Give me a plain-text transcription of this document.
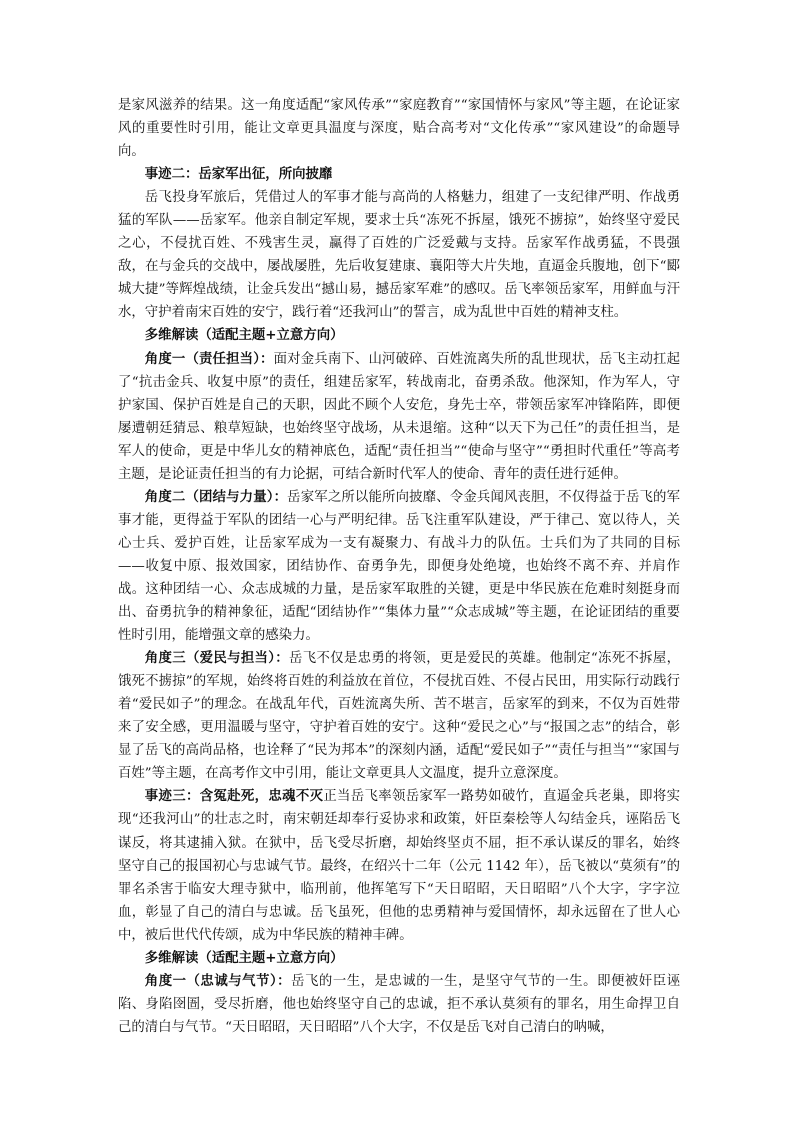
是家风滋养的结果。这一角度适配“家风传承”“家庭教育”“家国情怀与家风”等主题，在论证家风的重要性时引用，能让文章更具温度与深度，贴合高考对“文化传承”“家风建设”的命题导向。

事迹二：岳家军出征，所向披靡

岳飞投身军旅后，凭借过人的军事才能与高尚的人格魅力，组建了一支纪律严明、作战勇猛的军队——岳家军。他亲自制定军规，要求士兵“冻死不拆屋，饿死不掳掠”，始终坚守爱民之心，不侵扰百姓、不残害生灵，赢得了百姓的广泛爱戴与支持。岳家军作战勇猛，不畏强敌，在与金兵的交战中，屡战屡胜，先后收复建康、襄阳等大片失地，直逼金兵腹地，创下“郾城大捷”等辉煌战绩，让金兵发出“撼山易，撼岳家军难”的感叹。岳飞率领岳家军，用鲜血与汗水，守护着南宋百姓的安宁，践行着“还我河山”的誓言，成为乱世中百姓的精神支柱。

多维解读（适配主题+立意方向）

角度一（责任担当）：面对金兵南下、山河破碎、百姓流离失所的乱世现状，岳飞主动扛起了“抗击金兵、收复中原”的责任，组建岳家军，转战南北，奋勇杀敌。他深知，作为军人，守护家国、保护百姓是自己的天职，因此不顾个人安危，身先士卒，带领岳家军冲锋陷阵，即便屡遭朝廷猜忌、粮草短缺，也始终坚守战场，从未退缩。这种“以天下为己任”的责任担当，是军人的使命，更是中华儿女的精神底色，适配“责任担当”“使命与坚守”“勇担时代重任”等高考主题，是论证责任担当的有力论据，可结合新时代军人的使命、青年的责任进行延伸。

角度二（团结与力量）：岳家军之所以能所向披靡、令金兵闻风丧胆，不仅得益于岳飞的军事才能，更得益于军队的团结一心与严明纪律。岳飞注重军队建设，严于律己、宽以待人，关心士兵、爱护百姓，让岳家军成为一支有凝聚力、有战斗力的队伍。士兵们为了共同的目标——收复中原、报效国家，团结协作、奋勇争先，即便身处绝境，也始终不离不弃、并肩作战。这种团结一心、众志成城的力量，是岳家军取胜的关键，更是中华民族在危难时刻挺身而出、奋勇抗争的精神象征，适配“团结协作”“集体力量”“众志成城”等主题，在论证团结的重要性时引用，能增强文章的感染力。

角度三（爱民与担当）：岳飞不仅是忠勇的将领，更是爱民的英雄。他制定“冻死不拆屋，饿死不掳掠”的军规，始终将百姓的利益放在首位，不侵扰百姓、不侵占民田，用实际行动践行着“爱民如子”的理念。在战乱年代，百姓流离失所、苦不堪言，岳家军的到来，不仅为百姓带来了安全感，更用温暖与坚守，守护着百姓的安宁。这种“爱民之心”与“报国之志”的结合，彰显了岳飞的高尚品格，也诠释了“民为邦本”的深刻内涵，适配“爱民如子”“责任与担当”“家国与百姓”等主题，在高考作文中引用，能让文章更具人文温度，提升立意深度。

事迹三：含冤赴死，忠魂不灭正当岳飞率领岳家军一路势如破竹，直逼金兵老巢，即将实现“还我河山”的壮志之时，南宋朝廷却奉行妥协求和政策，奸臣秦桧等人勾结金兵，诬陷岳飞谋反，将其逮捕入狱。在狱中，岳飞受尽折磨，却始终坚贞不屈，拒不承认谋反的罪名，始终坚守自己的报国初心与忠诚气节。最终，在绍兴十二年（公元 1142 年），岳飞被以“莫须有”的罪名杀害于临安大理寺狱中，临刑前，他挥笔写下“天日昭昭，天日昭昭”八个大字，字字泣血，彰显了自己的清白与忠诚。岳飞虽死，但他的忠勇精神与爱国情怀，却永远留在了世人心中，被后世代代传颂，成为中华民族的精神丰碑。

多维解读（适配主题+立意方向）

角度一（忠诚与气节）：岳飞的一生，是忠诚的一生，是坚守气节的一生。即便被奸臣诬陷、身陷囹圄，受尽折磨，他也始终坚守自己的忠诚，拒不承认莫须有的罪名，用生命捍卫自己的清白与气节。“天日昭昭，天日昭昭”八个大字，不仅是岳飞对自己清白的呐喊，
